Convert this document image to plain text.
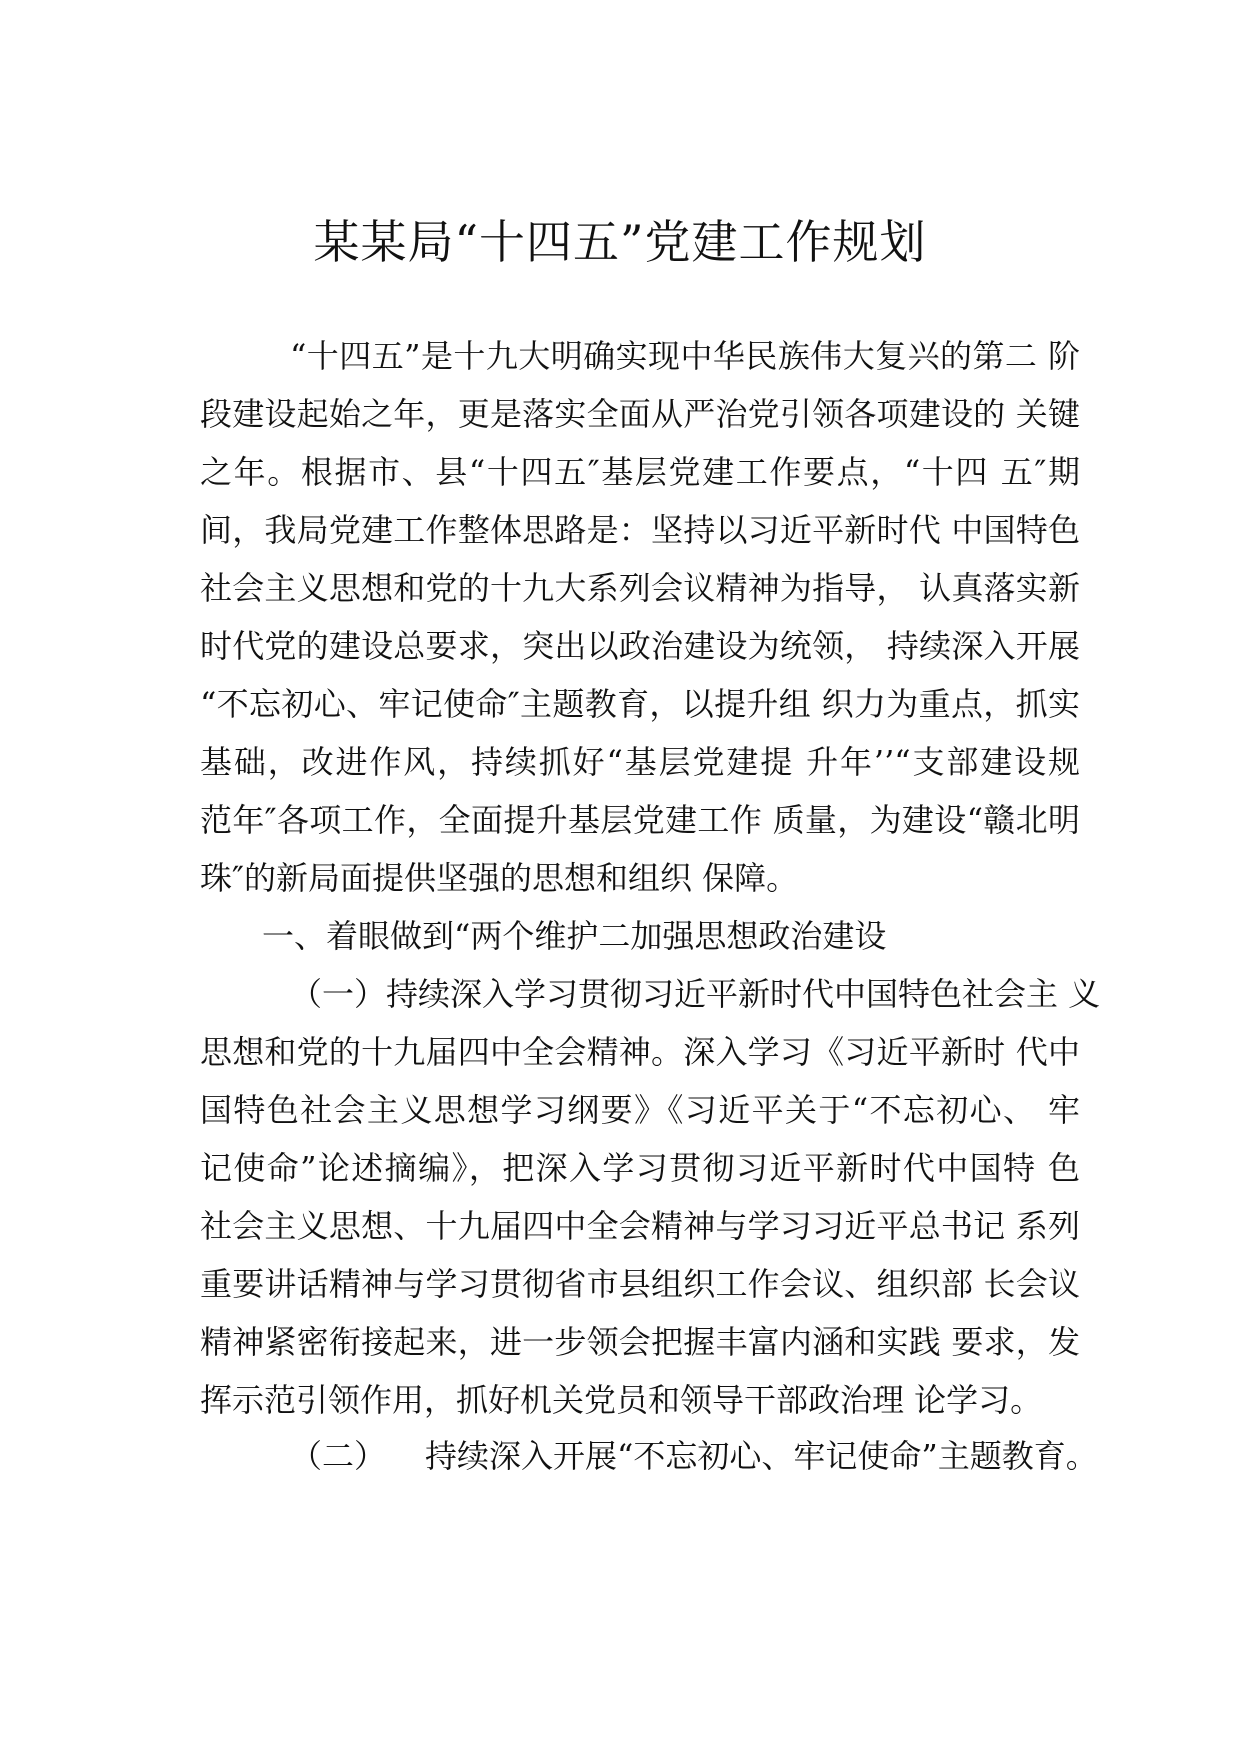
某某局“十四五”党建工作规划
“十四五”是十九大明确实现中华民族伟大复兴的第二 阶
段建设起始之年，更是落实全面从严治党引领各项建设的 关键
之年。根据市、县“十四五″基层党建工作要点，“十四 五″期
间，我局党建工作整体思路是：坚持以习近平新时代 中国特色
社会主义思想和党的十九大系列会议精神为指导， 认真落实新
时代党的建设总要求，突出以政治建设为统领， 持续深入开展
“不忘初心、牢记使命″主题教育，以提升组 织力为重点，抓实
基础，改进作风，持续抓好“基层党建提 升年’’“支部建设规
范年″各项工作，全面提升基层党建工作 质量，为建设“赣北明
珠″的新局面提供坚强的思想和组织 保障。
一、着眼做到“两个维护二加强思想政治建设
（一）持续深入学习贯彻习近平新时代中国特色社会主 义
思想和党的十九届四中全会精神。深入学习《习近平新时 代中
国特色社会主义思想学习纲要》《习近平关于“不忘初心、 牢
记使命”论述摘编》，把深入学习贯彻习近平新时代中国特 色
社会主义思想、十九届四中全会精神与学习习近平总书记 系列
重要讲话精神与学习贯彻省市县组织工作会议、组织部 长会议
精神紧密衔接起来，进一步领会把握丰富内涵和实践 要求，发
挥示范引领作用，抓好机关党员和领导干部政治理 论学习。
（二） 持续深入开展“不忘初心、牢记使命”主题教育。
